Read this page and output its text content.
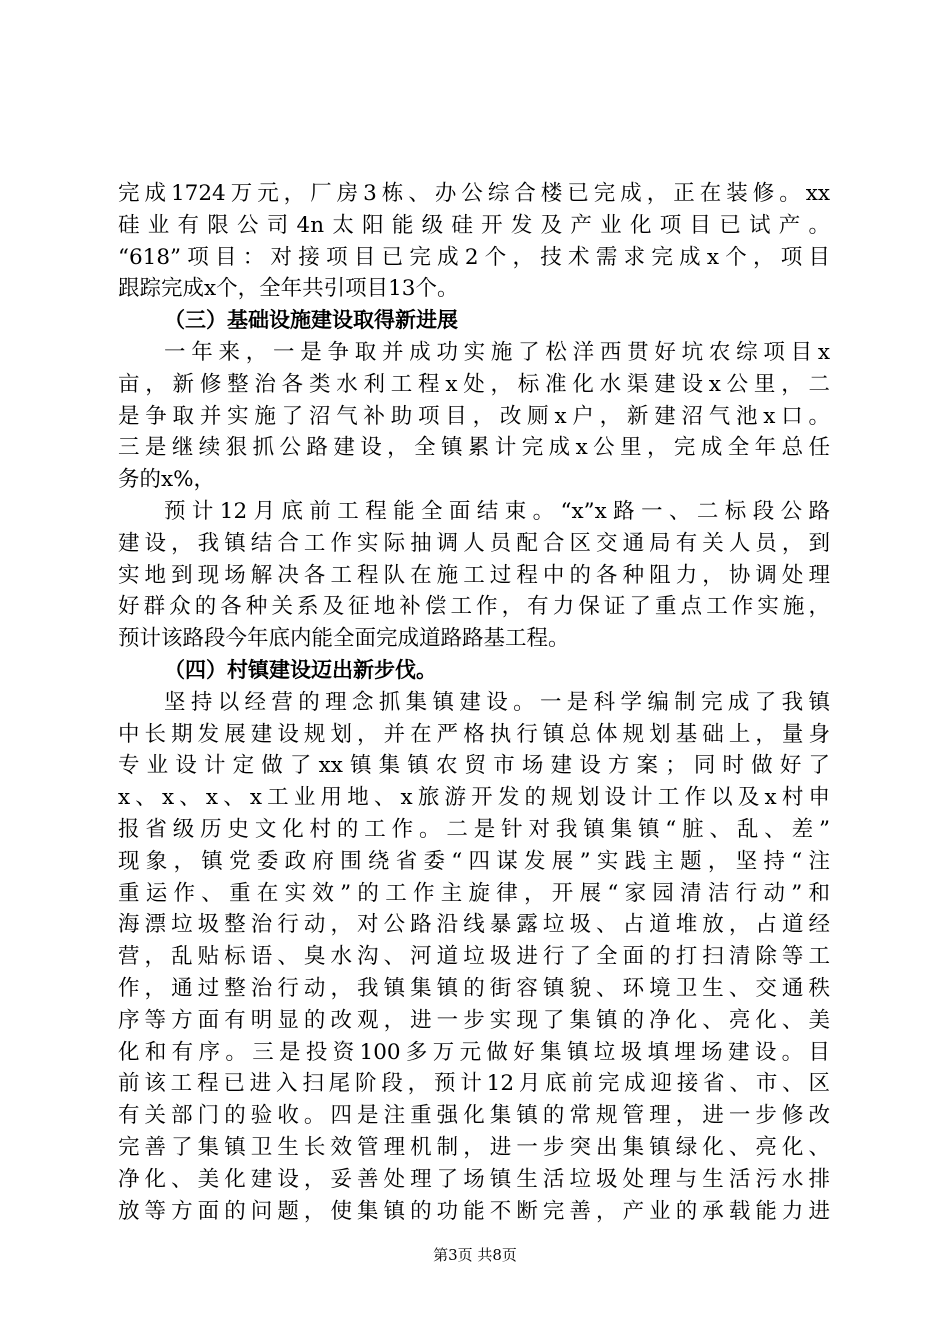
完成1724万元，厂房3栋、办公综合楼已完成，正在装修。xx
硅业有限公司4n太阳能级硅开发及产业化项目已试产。
“618”项目：对接项目已完成2个，技术需求完成x个，项目
跟踪完成x个，全年共引项目13个。
（三）基础设施建设取得新进展
一年来，一是争取并成功实施了松洋西贯好坑农综项目x
亩，新修整治各类水利工程x处，标准化水渠建设x公里，二
是争取并实施了沼气补助项目，改厕x户，新建沼气池x口。
三是继续狠抓公路建设，全镇累计完成x公里，完成全年总任
务的x%，
预计12月底前工程能全面结束。“x”x路一、二标段公路
建设，我镇结合工作实际抽调人员配合区交通局有关人员，到
实地到现场解决各工程队在施工过程中的各种阻力，协调处理
好群众的各种关系及征地补偿工作，有力保证了重点工作实施，
预计该路段今年底内能全面完成道路路基工程。
（四）村镇建设迈出新步伐。
坚持以经营的理念抓集镇建设。一是科学编制完成了我镇
中长期发展建设规划，并在严格执行镇总体规划基础上，量身
专业设计定做了xx镇集镇农贸市场建设方案；同时做好了
x、x、x、x工业用地、x旅游开发的规划设计工作以及x村申
报省级历史文化村的工作。二是针对我镇集镇“脏、乱、差”
现象，镇党委政府围绕省委“四谋发展”实践主题，坚持“注
重运作、重在实效”的工作主旋律，开展“家园清洁行动”和
海漂垃圾整治行动，对公路沿线暴露垃圾、占道堆放，占道经
营，乱贴标语、臭水沟、河道垃圾进行了全面的打扫清除等工
作，通过整治行动，我镇集镇的街容镇貌、环境卫生、交通秩
序等方面有明显的改观，进一步实现了集镇的净化、亮化、美
化和有序。三是投资100多万元做好集镇垃圾填埋场建设。目
前该工程已进入扫尾阶段，预计12月底前完成迎接省、市、区
有关部门的验收。四是注重强化集镇的常规管理，进一步修改
完善了集镇卫生长效管理机制，进一步突出集镇绿化、亮化、
净化、美化建设，妥善处理了场镇生活垃圾处理与生活污水排
放等方面的问题，使集镇的功能不断完善，产业的承载能力进
第3页 共8页
